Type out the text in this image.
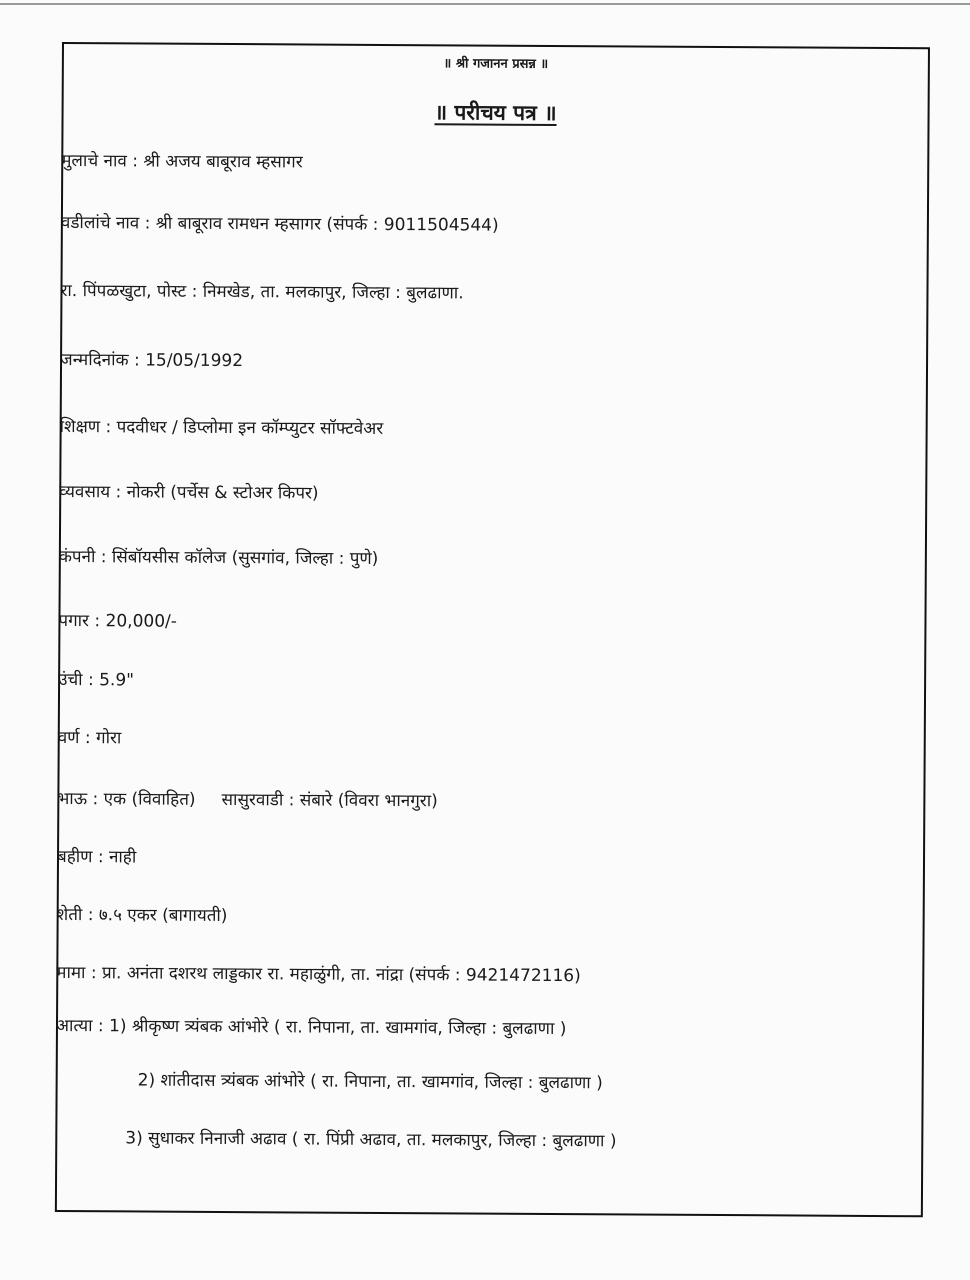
॥ श्री गजानन प्रसन्न ॥
॥ परीचय पत्र ॥
मुलाचे नाव : श्री अजय बाबूराव म्हसागर
वडीलांचे नाव : श्री बाबूराव रामधन म्हसागर (संपर्क : 9011504544)
रा. पिंपळखुटा, पोस्ट : निमखेड, ता. मलकापुर, जिल्हा : बुलढाणा.
जन्मदिनांक : 15/05/1992
शिक्षण : पदवीधर / डिप्लोमा इन कॉम्प्युटर सॉफ्टवेअर
व्यवसाय : नोकरी (पर्चेस & स्टोअर किपर)
कंपनी : सिंबॉयसीस कॉलेज (सुसगांव, जिल्हा : पुणे)
पगार : 20,000/-
उंची : 5.9"
वर्ण : गोरा
भाऊ : एक (विवाहित) सासुरवाडी : संबारे (विवरा भानगुरा)
बहीण : नाही
शेती : ७.५ एकर (बागायती)
मामा : प्रा. अनंता दशरथ लाड्डकार रा. महाळुंगी, ता. नांद्रा (संपर्क : 9421472116)
आत्या : 1) श्रीकृष्ण त्र्यंबक आंभोरे ( रा. निपाना, ता. खामगांव, जिल्हा : बुलढाणा )
2) शांतीदास त्र्यंबक आंभोरे ( रा. निपाना, ता. खामगांव, जिल्हा : बुलढाणा )
3) सुधाकर निनाजी अढाव ( रा. पिंप्री अढाव, ता. मलकापुर, जिल्हा : बुलढाणा )
